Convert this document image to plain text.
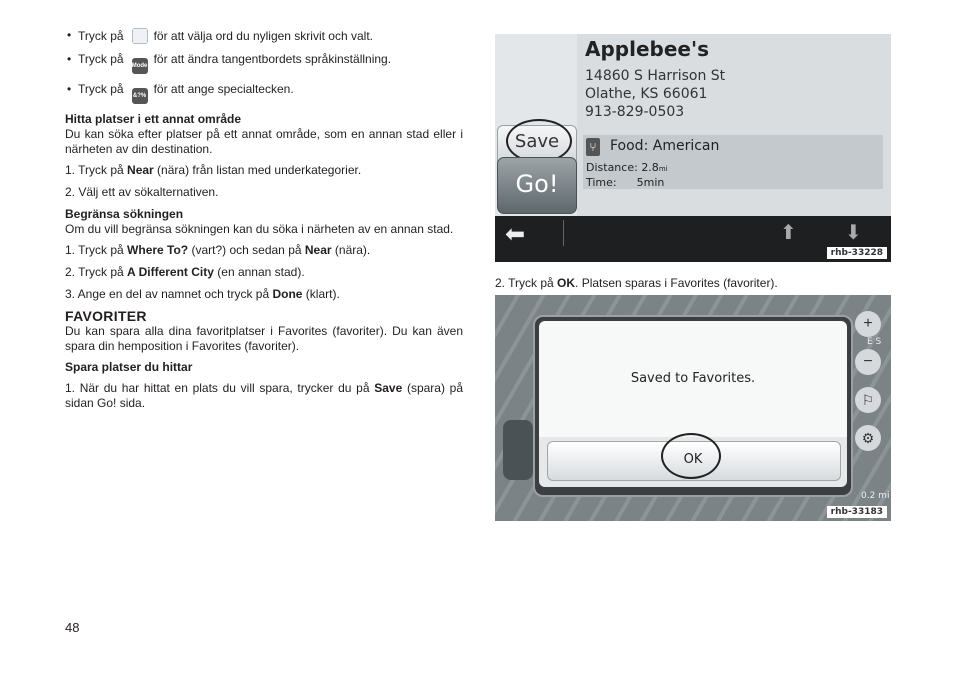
• Tryck på	för att välja ord du nyligen skrivit och valt.
• Tryck på Mode för att ändra tangentbordets språkinställning.
• Tryck på &?% för att ange specialtecken.
Hitta platser i ett annat område
Du kan söka efter platser på ett annat område, som en annan stad eller i närheten av din destination.
1. Tryck på Near (nära) från listan med underkategorier.
2. Välj ett av sökalternativen.
Begränsa sökningen
Om du vill begränsa sökningen kan du söka i närheten av en annan stad.
1. Tryck på Where To? (vart?) och sedan på Near (nära).
2. Tryck på A Different City (en annan stad).
3. Ange en del av namnet och tryck på Done (klart).
FAVORITER
Du kan spara alla dina favoritplatser i Favorites (favoriter). Du kan även spara din hemposition i Favorites (favoriter).
Spara platser du hittar
1. När du har hittat en plats du vill spara, trycker du på Save (spara) på sidan Go! sida.
48
Save
Go!
Applebee's
14860 S Harrison St
Olathe, KS 66061
913-829-0503
⑂ Food: American
Distance: 2.8mi
Time: 5min
⬅	⬆ ⬇
rhb-33228
2. Tryck på OK. Platsen sparas i Favorites (favoriter).
+
−
⚐
⚙
E S
0.2 mi
Saved to Favorites.
OK
rhb-33183
